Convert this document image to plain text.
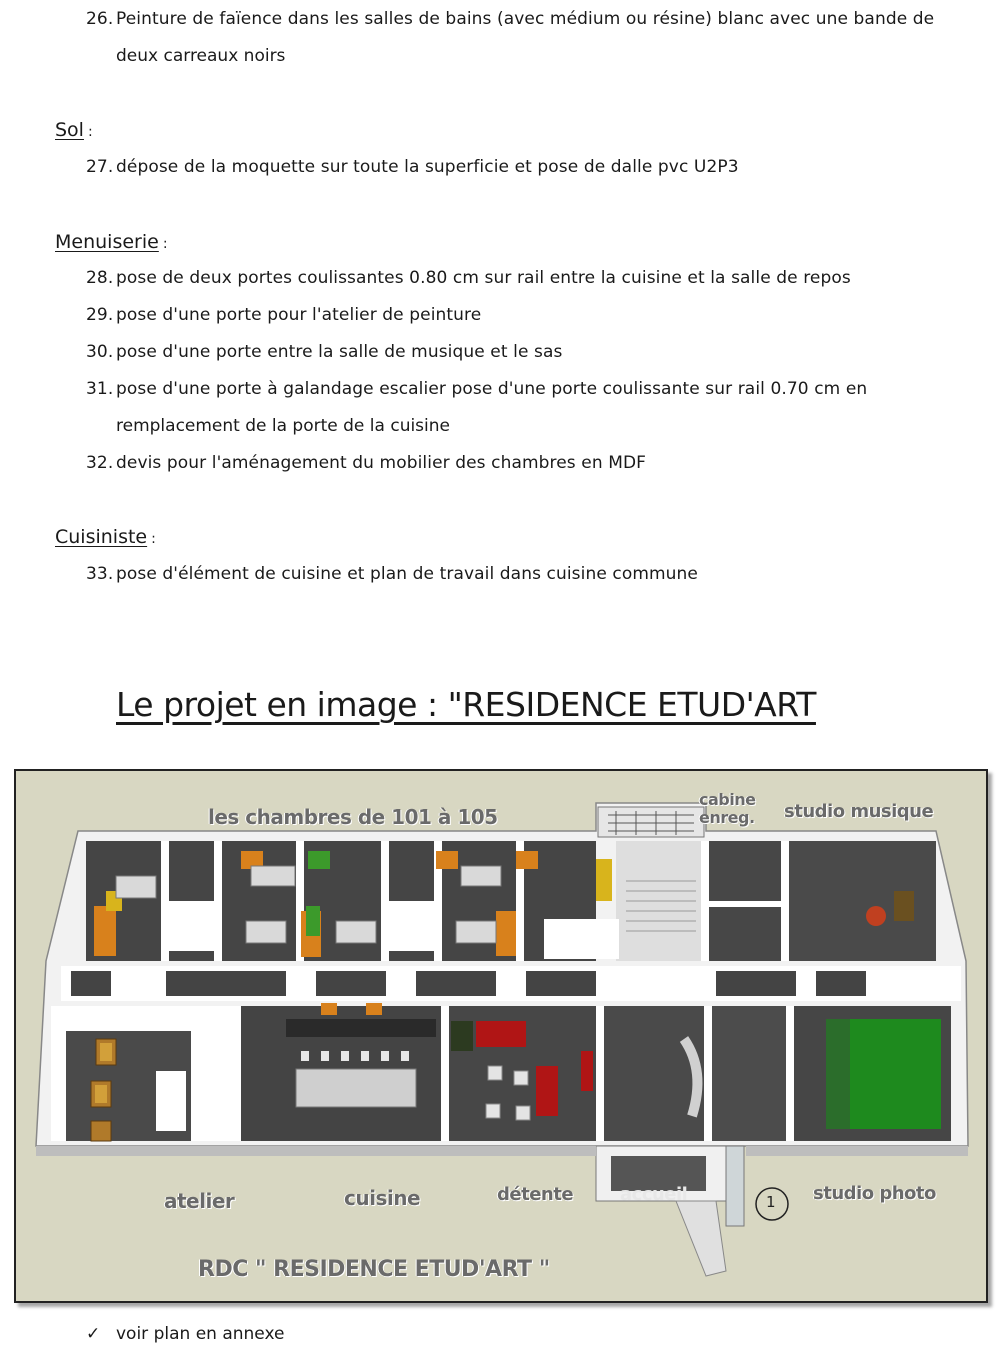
26. Peinture de faïence dans les salles de bains (avec médium ou résine) blanc avec une bande de
deux carreaux noirs
Sol :
27. dépose de la moquette sur toute la superficie et pose de dalle pvc U2P3
Menuiserie :
28. pose de deux portes coulissantes 0.80 cm sur rail entre la cuisine et la salle de repos
29. pose d'une porte pour l'atelier de peinture
30. pose d'une porte entre la salle de musique et le sas
31. pose d'une porte à galandage escalier pose d'une porte coulissante sur rail 0.70 cm en
remplacement de la porte de la cuisine
32. devis pour l'aménagement du mobilier des chambres en MDF
Cuisiniste :
33. pose d'élément de cuisine et plan de travail dans cuisine commune
Le projet en image : "RESIDENCE ETUD'ART
les chambres de 101 à 105
cabine
enreg. studio musique
atelier	cuisine	détente	accueil	1 studio photo
RDC " RESIDENCE ETUD'ART "
✓ voir plan en annexe
